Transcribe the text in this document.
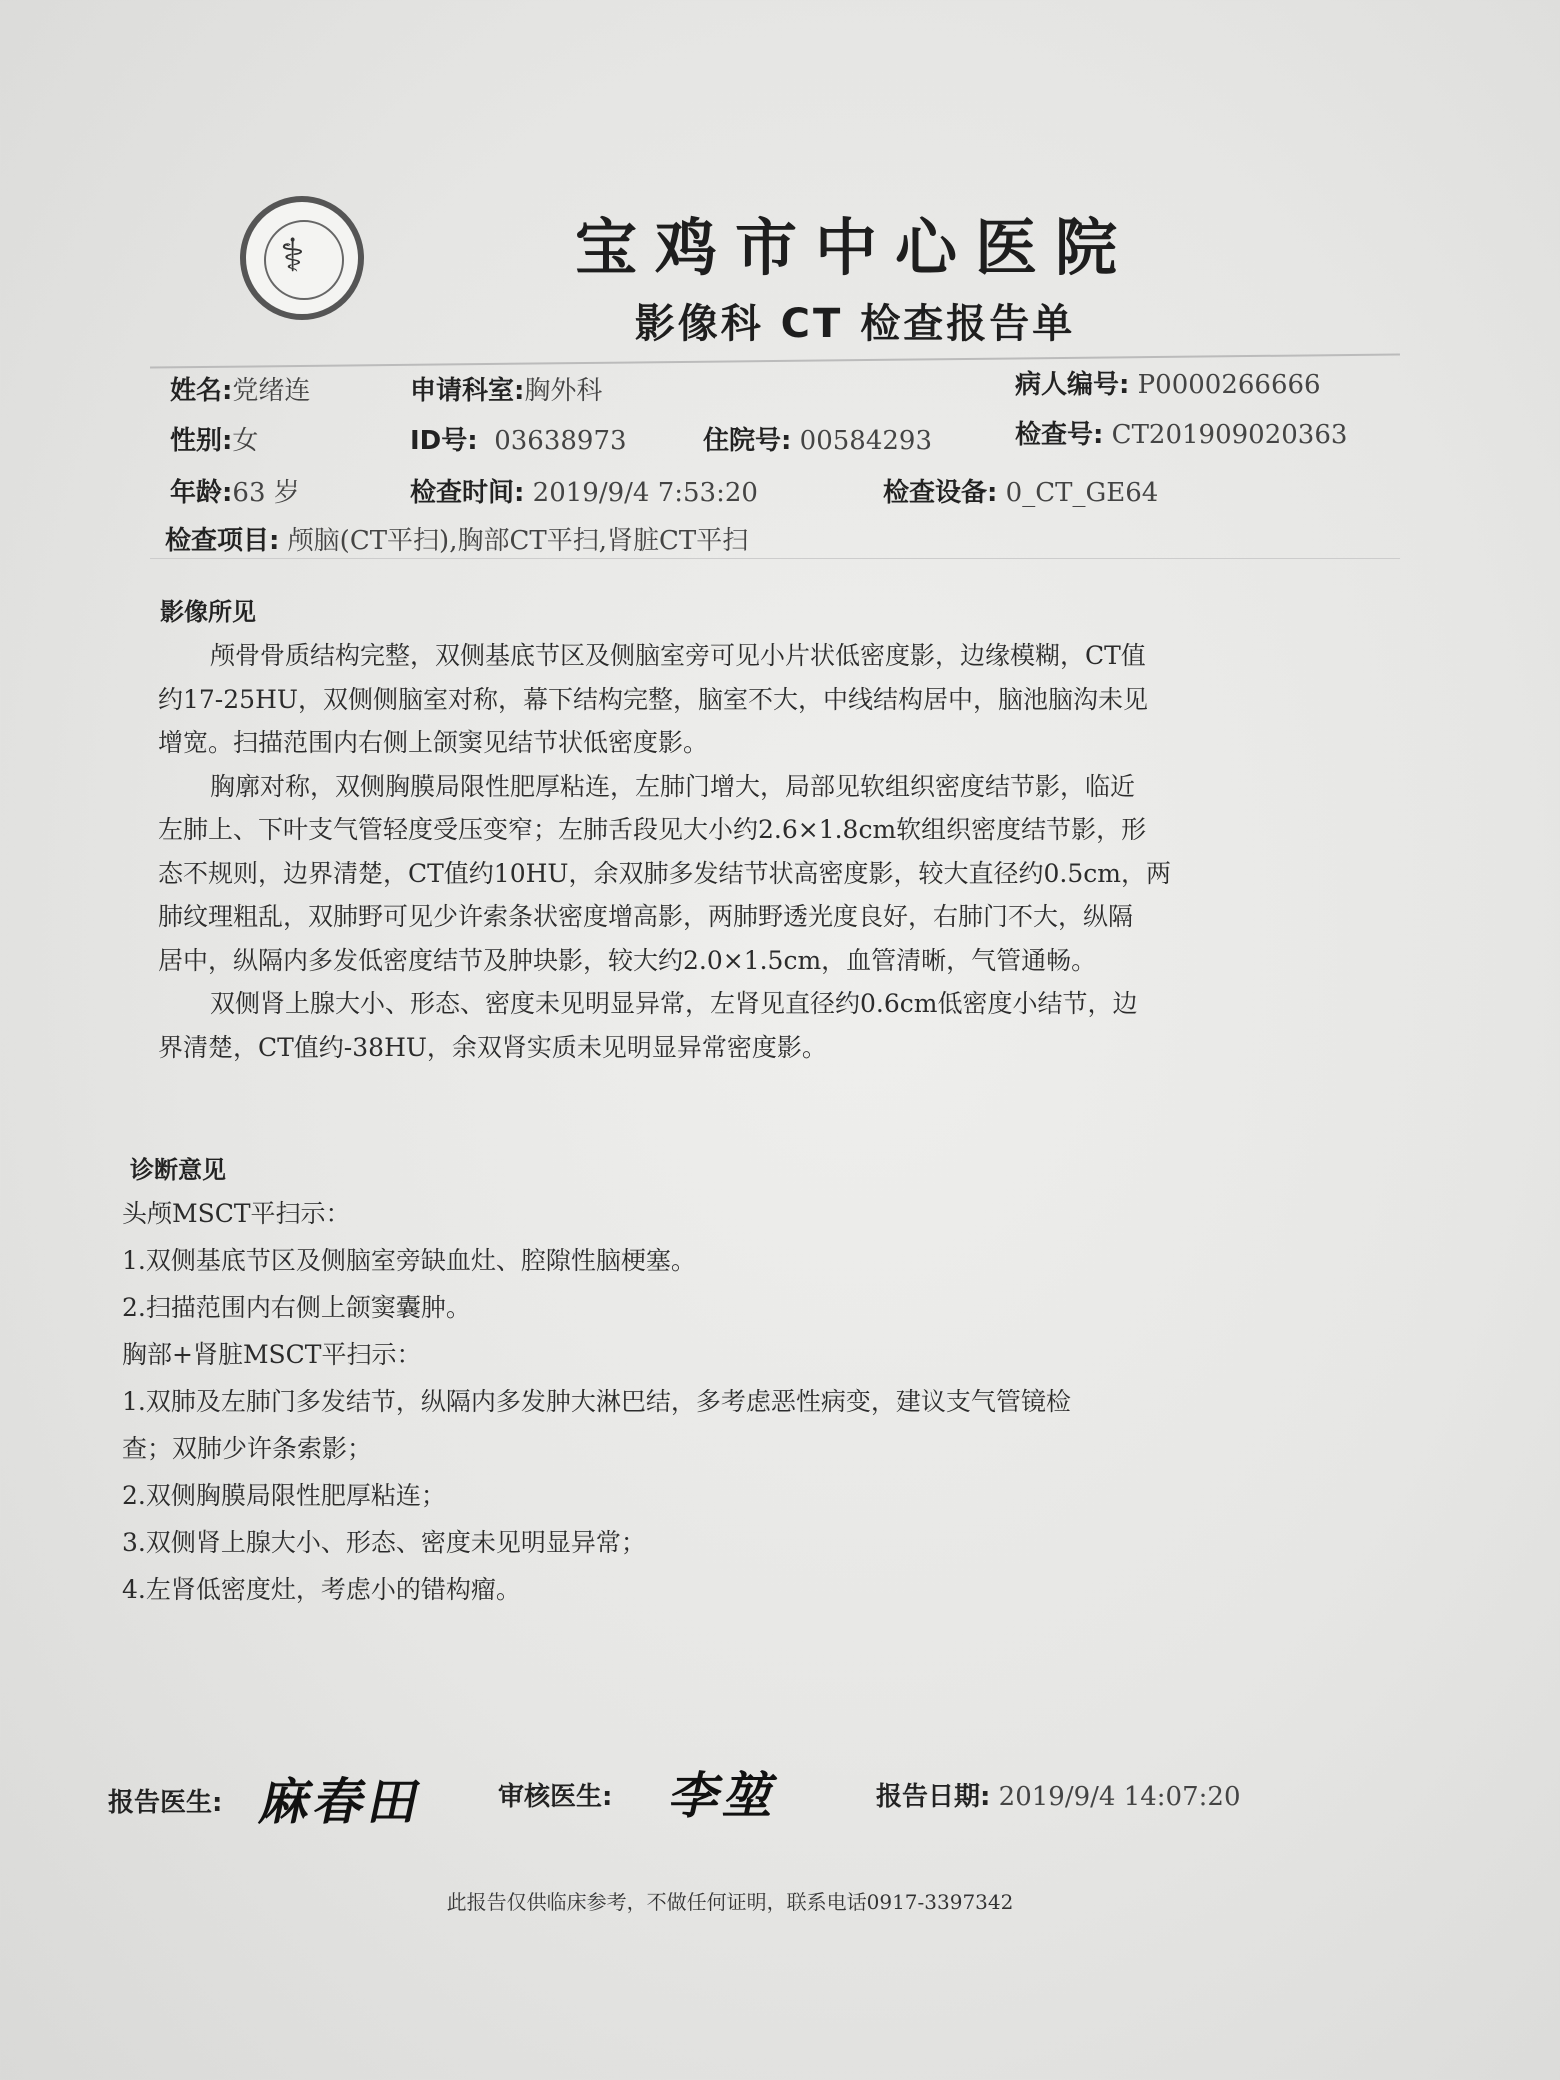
⚕	宝鸡市中心医院
影像科 CT 检查报告单
姓名:党绪连	申请科室:胸外科	病人编号: P0000266666
性别:女	ID号: 03638973	住院号: 00584293	检查号: CT201909020363
年龄:63 岁	检查时间: 2019/9/4 7:53:20	检查设备: 0_CT_GE64
检查项目: 颅脑(CT平扫),胸部CT平扫,肾脏CT平扫
影像所见
颅骨骨质结构完整，双侧基底节区及侧脑室旁可见小片状低密度影，边缘模糊，CT值
约17-25HU，双侧侧脑室对称，幕下结构完整，脑室不大，中线结构居中，脑池脑沟未见
增宽。扫描范围内右侧上颌窦见结节状低密度影。
胸廓对称，双侧胸膜局限性肥厚粘连，左肺门增大，局部见软组织密度结节影，临近
左肺上、下叶支气管轻度受压变窄；左肺舌段见大小约2.6×1.8cm软组织密度结节影，形
态不规则，边界清楚，CT值约10HU，余双肺多发结节状高密度影，较大直径约0.5cm，两
肺纹理粗乱，双肺野可见少许索条状密度增高影，两肺野透光度良好，右肺门不大，纵隔
居中，纵隔内多发低密度结节及肿块影，较大约2.0×1.5cm，血管清晰，气管通畅。
双侧肾上腺大小、形态、密度未见明显异常，左肾见直径约0.6cm低密度小结节，边
界清楚，CT值约-38HU，余双肾实质未见明显异常密度影。
诊断意见
头颅MSCT平扫示：
1.双侧基底节区及侧脑室旁缺血灶、腔隙性脑梗塞。
2.扫描范围内右侧上颌窦囊肿。
胸部+肾脏MSCT平扫示：
1.双肺及左肺门多发结节，纵隔内多发肿大淋巴结，多考虑恶性病变，建议支气管镜检
查；双肺少许条索影；
2.双侧胸膜局限性肥厚粘连；
3.双侧肾上腺大小、形态、密度未见明显异常；
4.左肾低密度灶，考虑小的错构瘤。
报告医生: 麻春田	审核医生: 李堃	报告日期: 2019/9/4 14:07:20
此报告仅供临床参考，不做任何证明，联系电话0917-3397342
